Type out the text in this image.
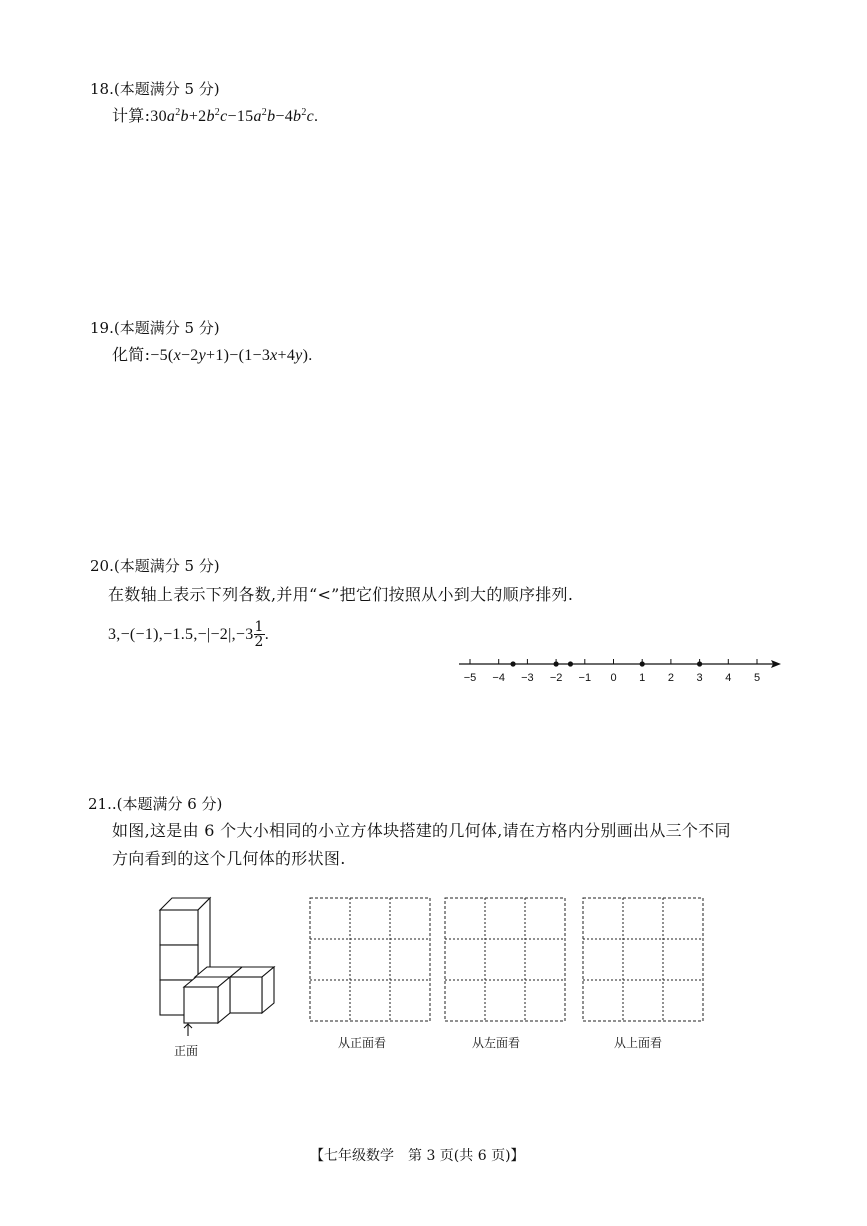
18.(本题满分 5 分)
计算$:30a^2b+2b^2c-15a^2b-4b^2c$.
19.(本题满分 5 分)
化简:−5(x−2y+1)−(1−3x+4y).
20.(本题满分 5 分)
在数轴上表示下列各数,并用“<”把它们按照从小到大的顺序排列.
$3,-(-1),-1.5,-|-2|,-3 \frac{1}{2}$ .
−5 −4 −3 −2 −1 0 1 2 3 4 5
21..(本题满分 6 分)
如图,这是由 6 个大小相同的小立方体块搭建的几何体,请在方格内分别画出从三个不同
方向看到的这个几何体的形状图.
正面
从正面看	从左面看	从上面看
【七年级数学　第 3 页(共 6 页)】
